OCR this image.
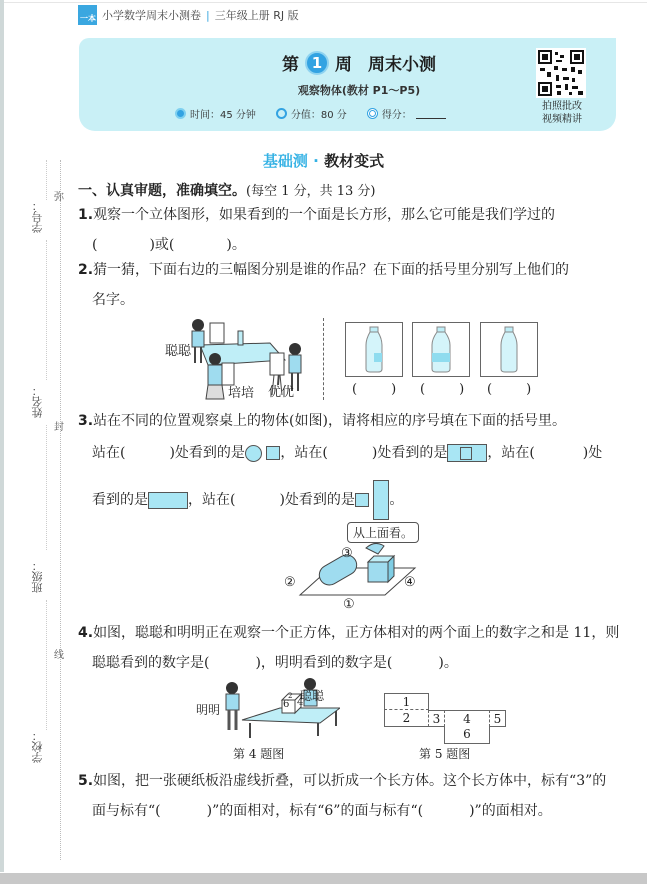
一本 小学数学周末小测卷 | 三年级上册 RJ 版
第 1 周 周末小测
观察物体(教材 P1～P5)
时间：45 分钟	分值：80 分	得分：
拍照批改
视频精讲
学号：
姓名：
班级：
学校：
弥
封
线
基础测 · 教材变式
一、认真审题，准确填空。(每空 1 分，共 13 分)
1.观察一个立体图形，如果看到的一个面是长方形，那么它可能是我们学过的
(	)或(	)。
2.猜一猜，下面右边的三幅图分别是谁的作品？在下面的括号里分别写上他们的
名字。
聪聪
培培 优优	(	) (	) (	)
3.站在不同的位置观察桌上的物体(如图)，请将相应的序号填在下面的括号里。
站在(	)处看到的是	，站在(	)处看到的是	，站在(	)处
看到的是	，站在(	)处看到的是 。
从上面看。
③
②	④
①
4.如图，聪聪和明明正在观察一个正方体，正方体相对的两个面上的数字之和是 11，则
聪聪看到的数字是(	)，明明看到的数字是(	)。
6 4
2
明明
聪聪
第 4 题图
1
2	3	4	5
6
第 5 题图
5.如图，把一张硬纸板沿虚线折叠，可以折成一个长方体。这个长方体中，标有“3”的
面与标有“(	)”的面相对，标有“6”的面与标有“(	)”的面相对。
